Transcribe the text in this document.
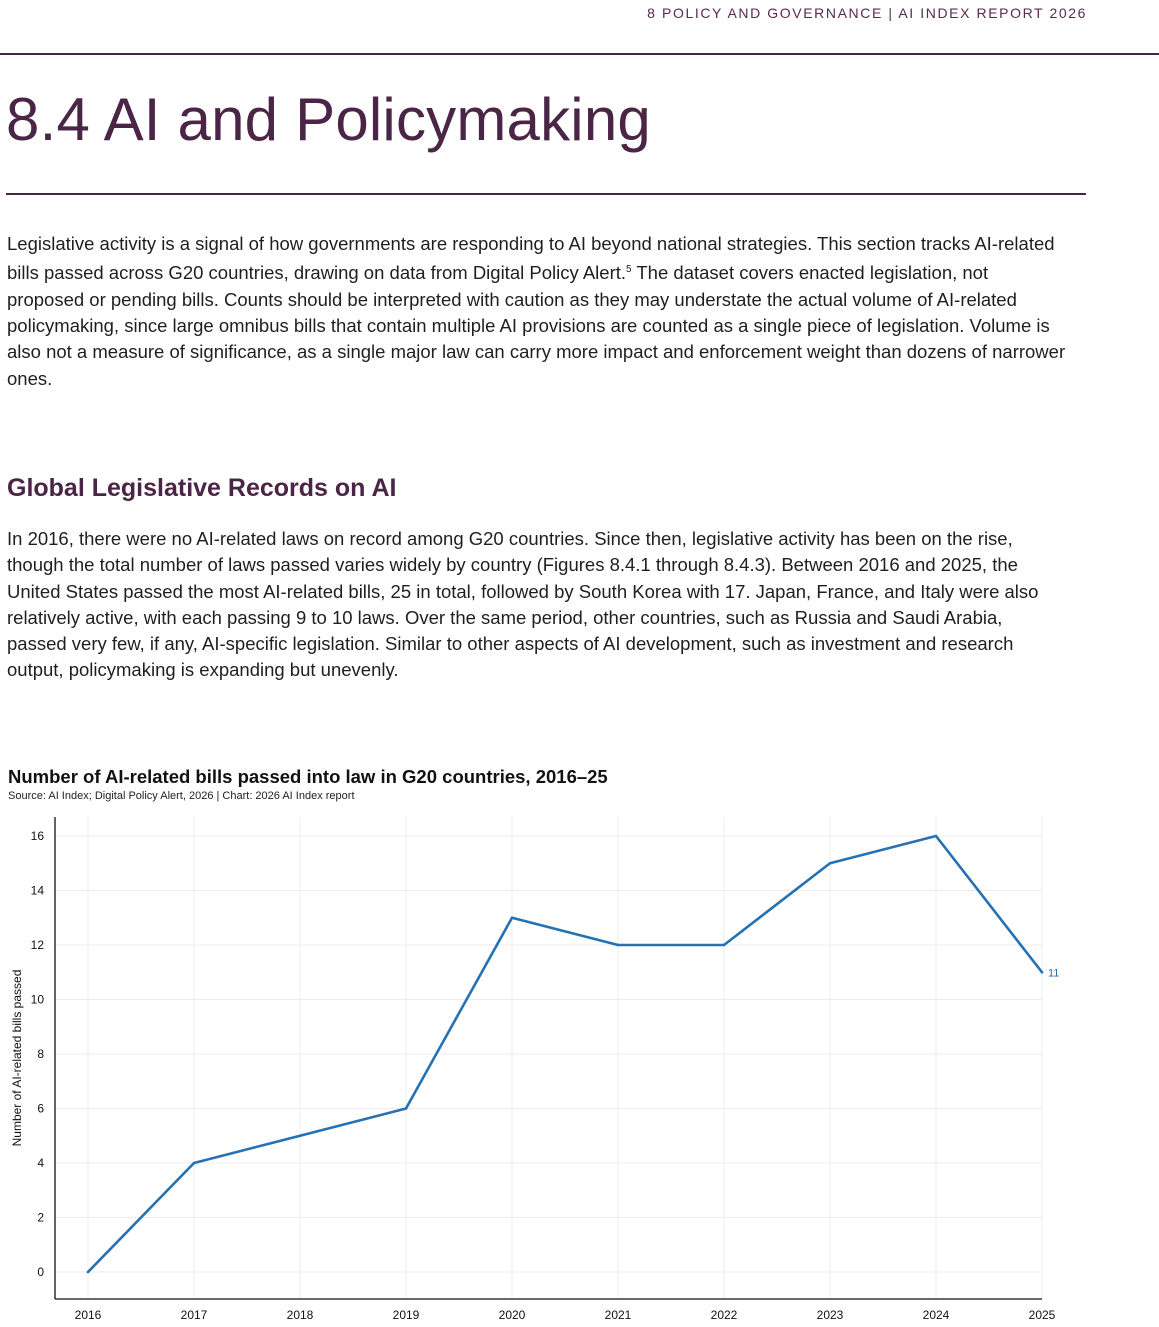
8 POLICY AND GOVERNANCE | AI INDEX REPORT 2026
8.4 AI and Policymaking

Legislative activity is a signal of how governments are responding to AI beyond national strategies. This section tracks AI-related bills passed across G20 countries, drawing on data from Digital Policy Alert.$^5$ The dataset covers enacted legislation, not proposed or pending bills. Counts should be interpreted with caution as they may understate the actual volume of AI-related policymaking, since large omnibus bills that contain multiple AI provisions are counted as a single piece of legislation. Volume is also not a measure of significance, as a single major law can carry more impact and enforcement weight than dozens of narrower ones.

Global Legislative Records on AI

In 2016, there were no AI-related laws on record among G20 countries. Since then, legislative activity has been on the rise, though the total number of laws passed varies widely by country (Figures 8.4.1 through 8.4.3). Between 2016 and 2025, the United States passed the most AI-related bills, 25 in total, followed by South Korea with 17. Japan, France, and Italy were also relatively active, with each passing 9 to 10 laws. Over the same period, other countries, such as Russia and Saudi Arabia, passed very few, if any, AI-specific legislation. Similar to other aspects of AI development, such as investment and research output, policymaking is expanding but unevenly.

Number of AI-related bills passed into law in G20 countries, 2016–25
Source: AI Index; Digital Policy Alert, 2026 | Chart: 2026 AI Index report
0
2
4
6
8
10
12
14
16
2016	2017	2018	2019	2020	2021	2022	2023	2024	2025
Number of AI-related bills passed	11
